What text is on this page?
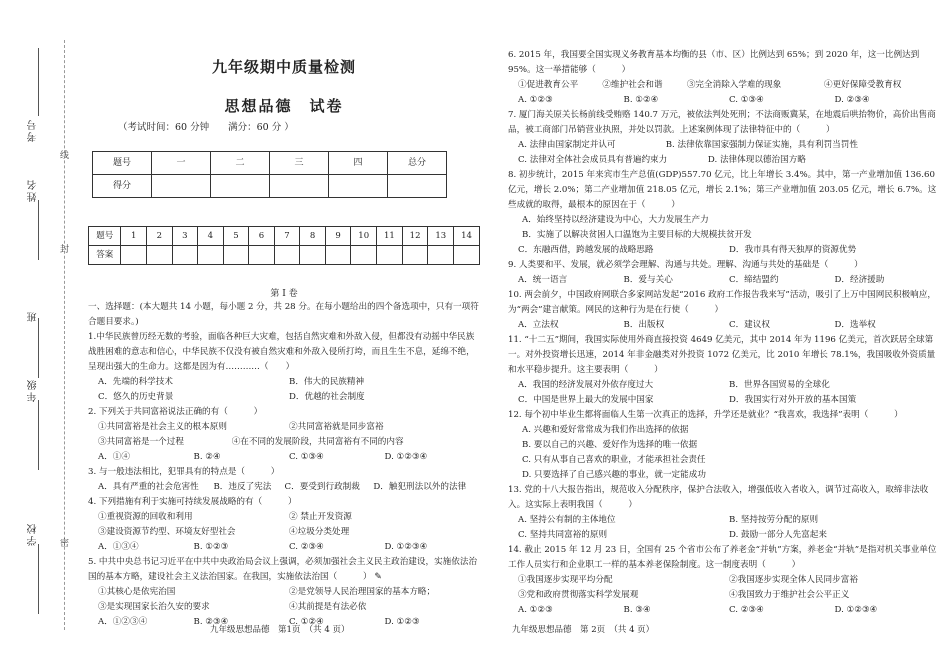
考号
姓名
班
年级
学校
线
封
密
九年级期中质量检测
思想品德　试卷
（考试时间：60 分钟　　满分：60 分 ）
题号	一	二	三	四	总分
得分					
题号	1	2	3	4	5	6	7	8	9	10	11	12	13	14
答案														
第 I 卷

一、选择题：(本大题共 14 小题，每小题 2 分，共 28 分。在每小题给出的四个备选项中，只有一项符合题目要求。)

1.中华民族曾历经无数的考验，面临各种巨大灾难，包括自然灾难和外敌入侵，但都没有动摇中华民族战胜困难的意志和信心，中华民族不仅没有被自然灾难和外敌入侵所打垮，而且生生不息，延绵不绝，呈现出强大的生命力。这都是因为有…………（　　）

A．先端的科学技术	B．伟大的民族精神
C．悠久的历史背景	D．优越的社会制度

2. 下列关于共同富裕说法正确的有（　　　）

①共同富裕是社会主义的根本原则	②共同富裕就是同步富裕
③共同富裕是一个过程	④在不同的发展阶段，共同富裕有不同的内容
A．①④	B. ②④	C. ①③④	D. ①②③④

3. 与一般违法相比，犯罪具有的特点是（　　　）

A．具有严重的社会危害性	B．违反了宪法	C．要受到行政制裁	D．触犯刑法以外的法律

4. 下列措施有利于实施可持续发展战略的有（　　　）

①重视资源的回收和利用	② 禁止开发资源
③建设资源节约型、环境友好型社会	④垃圾分类处理
A．①③④	B. ①②③	C. ②③④	D. ①②③④

5. 中共中央总书记习近平在中共中央政治局会议上强调，必须加强社会主义民主政治建设，实施依法治国的基本方略，建设社会主义法治国家。在我国，实施依法治国（　　　） ✎

①其核心是依宪治国	②是党领导人民治理国家的基本方略；
③是实现国家长治久安的要求	④其前提是有法必依
A．①②③④	B. ②③④	C. ①②④	D. ①②③
九年级思想品德　第1页　（共 4 页）

6. 2015 年，我国要全国实现义务教育基本均衡的县（市、区）比例达到 65%；到 2020 年，这一比例达到 95%。这一举措能够（　　　）

①促进教育公平	②维护社会和谐	③完全消除入学难的现象	④更好保障受教育权
A. ①②③	B. ①②④	C. ①③④	D. ②③④

7. 厦门海关原关长杨前线受贿赂 140.7 万元，被依法判处死刑；不法商贩冀某，在地震后哄抬物价，高价出售商品，被工商部门吊销营业执照，并处以罚款。上述案例体现了法律特征中的（　　　）

A. 法律由国家制定并认可	B. 法律依靠国家强制力保证实施，具有利罚当罚性
C. 法律对全体社会成员具有普遍约束力	D. 法律体现以德治国方略

8. 初步统计，2015 年来宾市生产总值(GDP)557.70 亿元，比上年增长 3.4%。其中，第一产业增加值 136.60 亿元，增长 2.0%；第二产业增加值 218.05 亿元，增长 2.1%；第三产业增加值 203.05 亿元，增长 6.7%。这些成就的取得，最根本的原因在于（　　　）

A．始终坚持以经济建设为中心，大力发展生产力

B．实施了以解决贫困人口温饱为主要目标的大规模扶贫开发

C．东融西借，跨越发展的战略思路	D．我市具有得天独厚的资源优势

9. 人类要和平、发展，就必须学会理解、沟通与共处。理解、沟通与共处的基础是（　　　）

A．统一语言	B．爱与关心	C．缔结盟约	D．经济援助

10. 两会前夕，中国政府网联合多家网站发起“2016 政府工作报告我来写”活动，吸引了上万中国网民积极响应，为“两会”建言献策。网民的这种行为是在行使（　　　）

A．立法权	B．出版权	C．建议权	D．选举权

11. “十二五”期间，我国实际使用外商直接投资 4649 亿美元，其中 2014 年为 1196 亿美元，首次跃居全球第一。对外投资增长迅速，2014 年非金融类对外投资 1072 亿美元，比 2010 年增长 78.1%，我国吸收外资质量和水平稳步提升。这主要表明（　　　）

A．我国的经济发展对外依存度过大	B．世界各国贸易的全球化
C．中国是世界上最大的发展中国家	D．我国实行对外开放的基本国策

12. 每个初中毕业生都将面临人生第一次真正的选择，升学还是就业？“我喜欢，我选择”表明（　　　）

A. 兴趣和爱好常常成为我们作出选择的依据

B. 要以自己的兴趣、爱好作为选择的唯一依据

C. 只有从事自己喜欢的职业，才能承担社会责任

D. 只要选择了自己感兴趣的事业，就一定能成功

13. 党的十八大报告指出，规范收入分配秩序，保护合法收入，增强低收入者收入，调节过高收入，取缔非法收入。这实际上表明我国（　　　）

A. 坚持公有制的主体地位	B. 坚持按劳分配的原则
C. 坚持共同富裕的原则	D. 鼓励一部分人先富起来

14. 截止 2015 年 12 月 23 日，全国有 25 个省市公布了养老金“并轨”方案，养老金“并轨”是指对机关事业单位工作人员实行和企业职工一样的基本养老保险制度。这一制度表明（　　　）

①我国逐步实现平均分配	②我国逐步实现全体人民同步富裕
③党和政府贯彻落实科学发展观	④我国致力于维护社会公平正义
A. ①②③	B. ③④	C. ②③④	D. ①②③④
九年级思想品德　第 2页　（共 4 页）
